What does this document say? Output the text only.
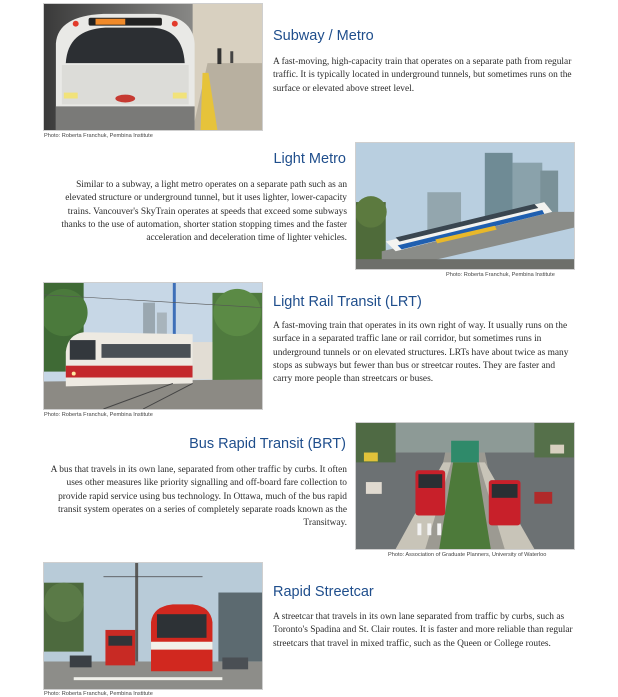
Photo: Roberta Franchuk, Pembina Institute
Subway / Metro
A fast-moving, high-capacity train that operates on a separate path from regular traffic. It is typically located in underground tunnels, but sometimes runs on the surface or elevated above street level.
Light Metro
Similar to a subway, a light metro operates on a separate path such as an elevated structure or underground tunnel, but it uses lighter, lower-capacity trains. Vancouver's SkyTrain operates at speeds that exceed some subways thanks to the use of automation, shorter station stopping times and the faster acceleration and deceleration time of lighter vehicles.
Photo: Roberta Franchuk, Pembina Institute
Photo: Roberta Franchuk, Pembina Institute
Light Rail Transit (LRT)
A fast-moving train that operates in its own right of way. It usually runs on the surface in a separated traffic lane or rail corridor, but sometimes runs in underground tunnels or on elevated structures. LRTs have about twice as many stops as subways but fewer than bus or streetcar routes. They are faster and carry more people than streetcars or buses.
Bus Rapid Transit (BRT)
A bus that travels in its own lane, separated from other traffic by curbs. It often uses other measures like priority signalling and off-board fare collection to provide rapid service using bus technology. In Ottawa, much of the bus rapid transit system operates on a series of completely separate roads known as the Transitway.
Photo: Association of Graduate Planners, University of Waterloo
Photo: Roberta Franchuk, Pembina Institute
Rapid Streetcar
A streetcar that travels in its own lane separated from traffic by curbs, such as Toronto's Spadina and St. Clair routes. It is faster and more reliable than regular streetcars that travel in mixed traffic, such as the Queen or College routes.
